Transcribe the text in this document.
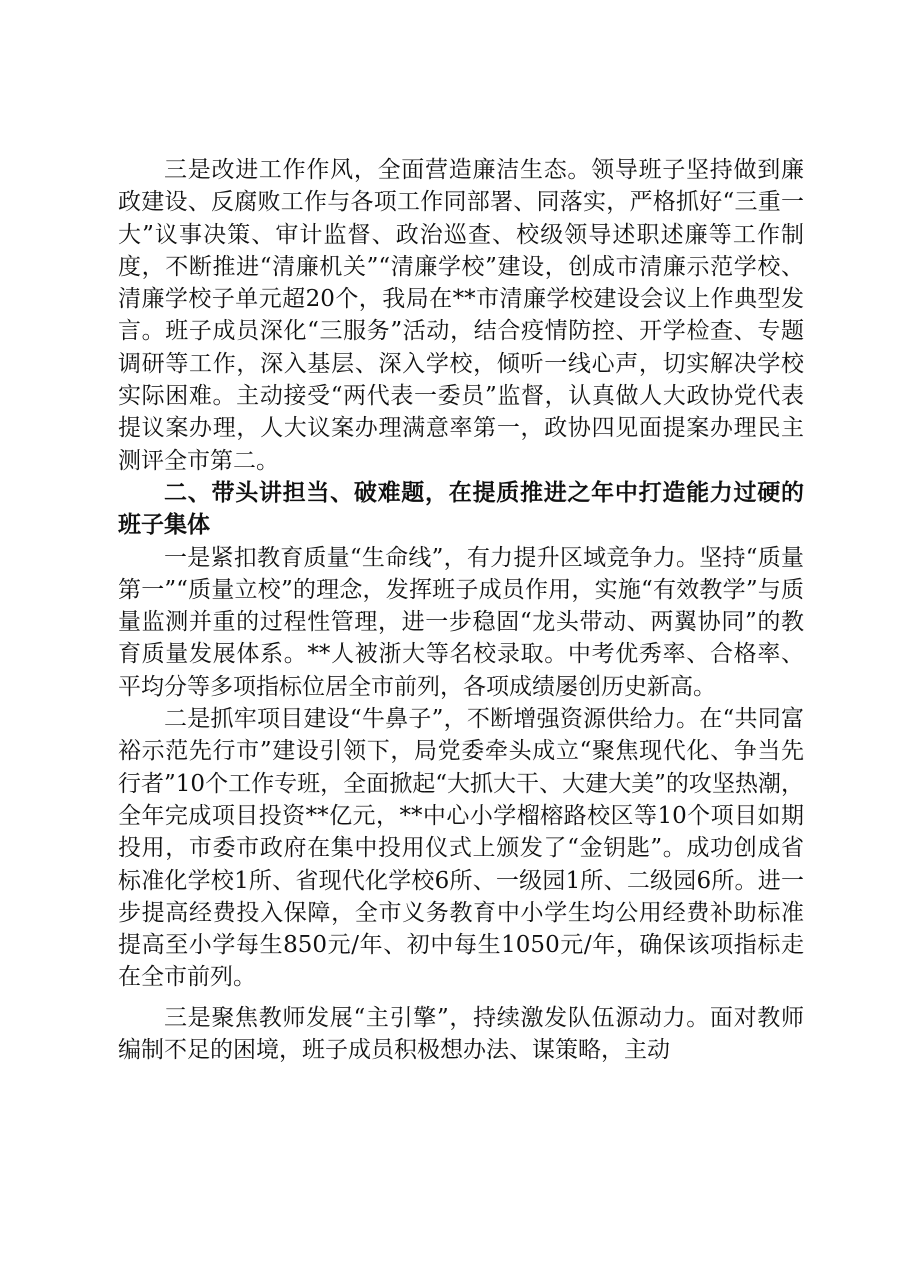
三是改进工作作风，全面营造廉洁生态。领导班子坚持做到廉政建设、反腐败工作与各项工作同部署、同落实，严格抓好“三重一大”议事决策、审计监督、政治巡查、校级领导述职述廉等工作制度，不断推进“清廉机关”“清廉学校”建设，创成市清廉示范学校、清廉学校子单元超20个，我局在**市清廉学校建设会议上作典型发言。班子成员深化“三服务”活动，结合疫情防控、开学检查、专题调研等工作，深入基层、深入学校，倾听一线心声，切实解决学校实际困难。主动接受“两代表一委员”监督，认真做人大政协党代表提议案办理，人大议案办理满意率第一，政协四见面提案办理民主测评全市第二。

二、带头讲担当、破难题，在提质推进之年中打造能力过硬的班子集体

一是紧扣教育质量“生命线”，有力提升区域竞争力。坚持“质量第一”“质量立校”的理念，发挥班子成员作用，实施“有效教学”与质量监测并重的过程性管理，进一步稳固“龙头带动、两翼协同”的教育质量发展体系。**人被浙大等名校录取。中考优秀率、合格率、平均分等多项指标位居全市前列，各项成绩屡创历史新高。

二是抓牢项目建设“牛鼻子”，不断增强资源供给力。在“共同富裕示范先行市”建设引领下，局党委牵头成立“聚焦现代化、争当先行者”10个工作专班，全面掀起“大抓大干、大建大美”的攻坚热潮，全年完成项目投资**亿元，**中心小学榴榕路校区等10个项目如期投用，市委市政府在集中投用仪式上颁发了“金钥匙”。成功创成省标准化学校1所、省现代化学校6所、一级园1所、二级园6所。进一步提高经费投入保障，全市义务教育中小学生均公用经费补助标准提高至小学每生850元/年、初中每生1050元/年，确保该项指标走在全市前列。

三是聚焦教师发展“主引擎”，持续激发队伍源动力。面对教师编制不足的困境，班子成员积极想办法、谋策略，主动
